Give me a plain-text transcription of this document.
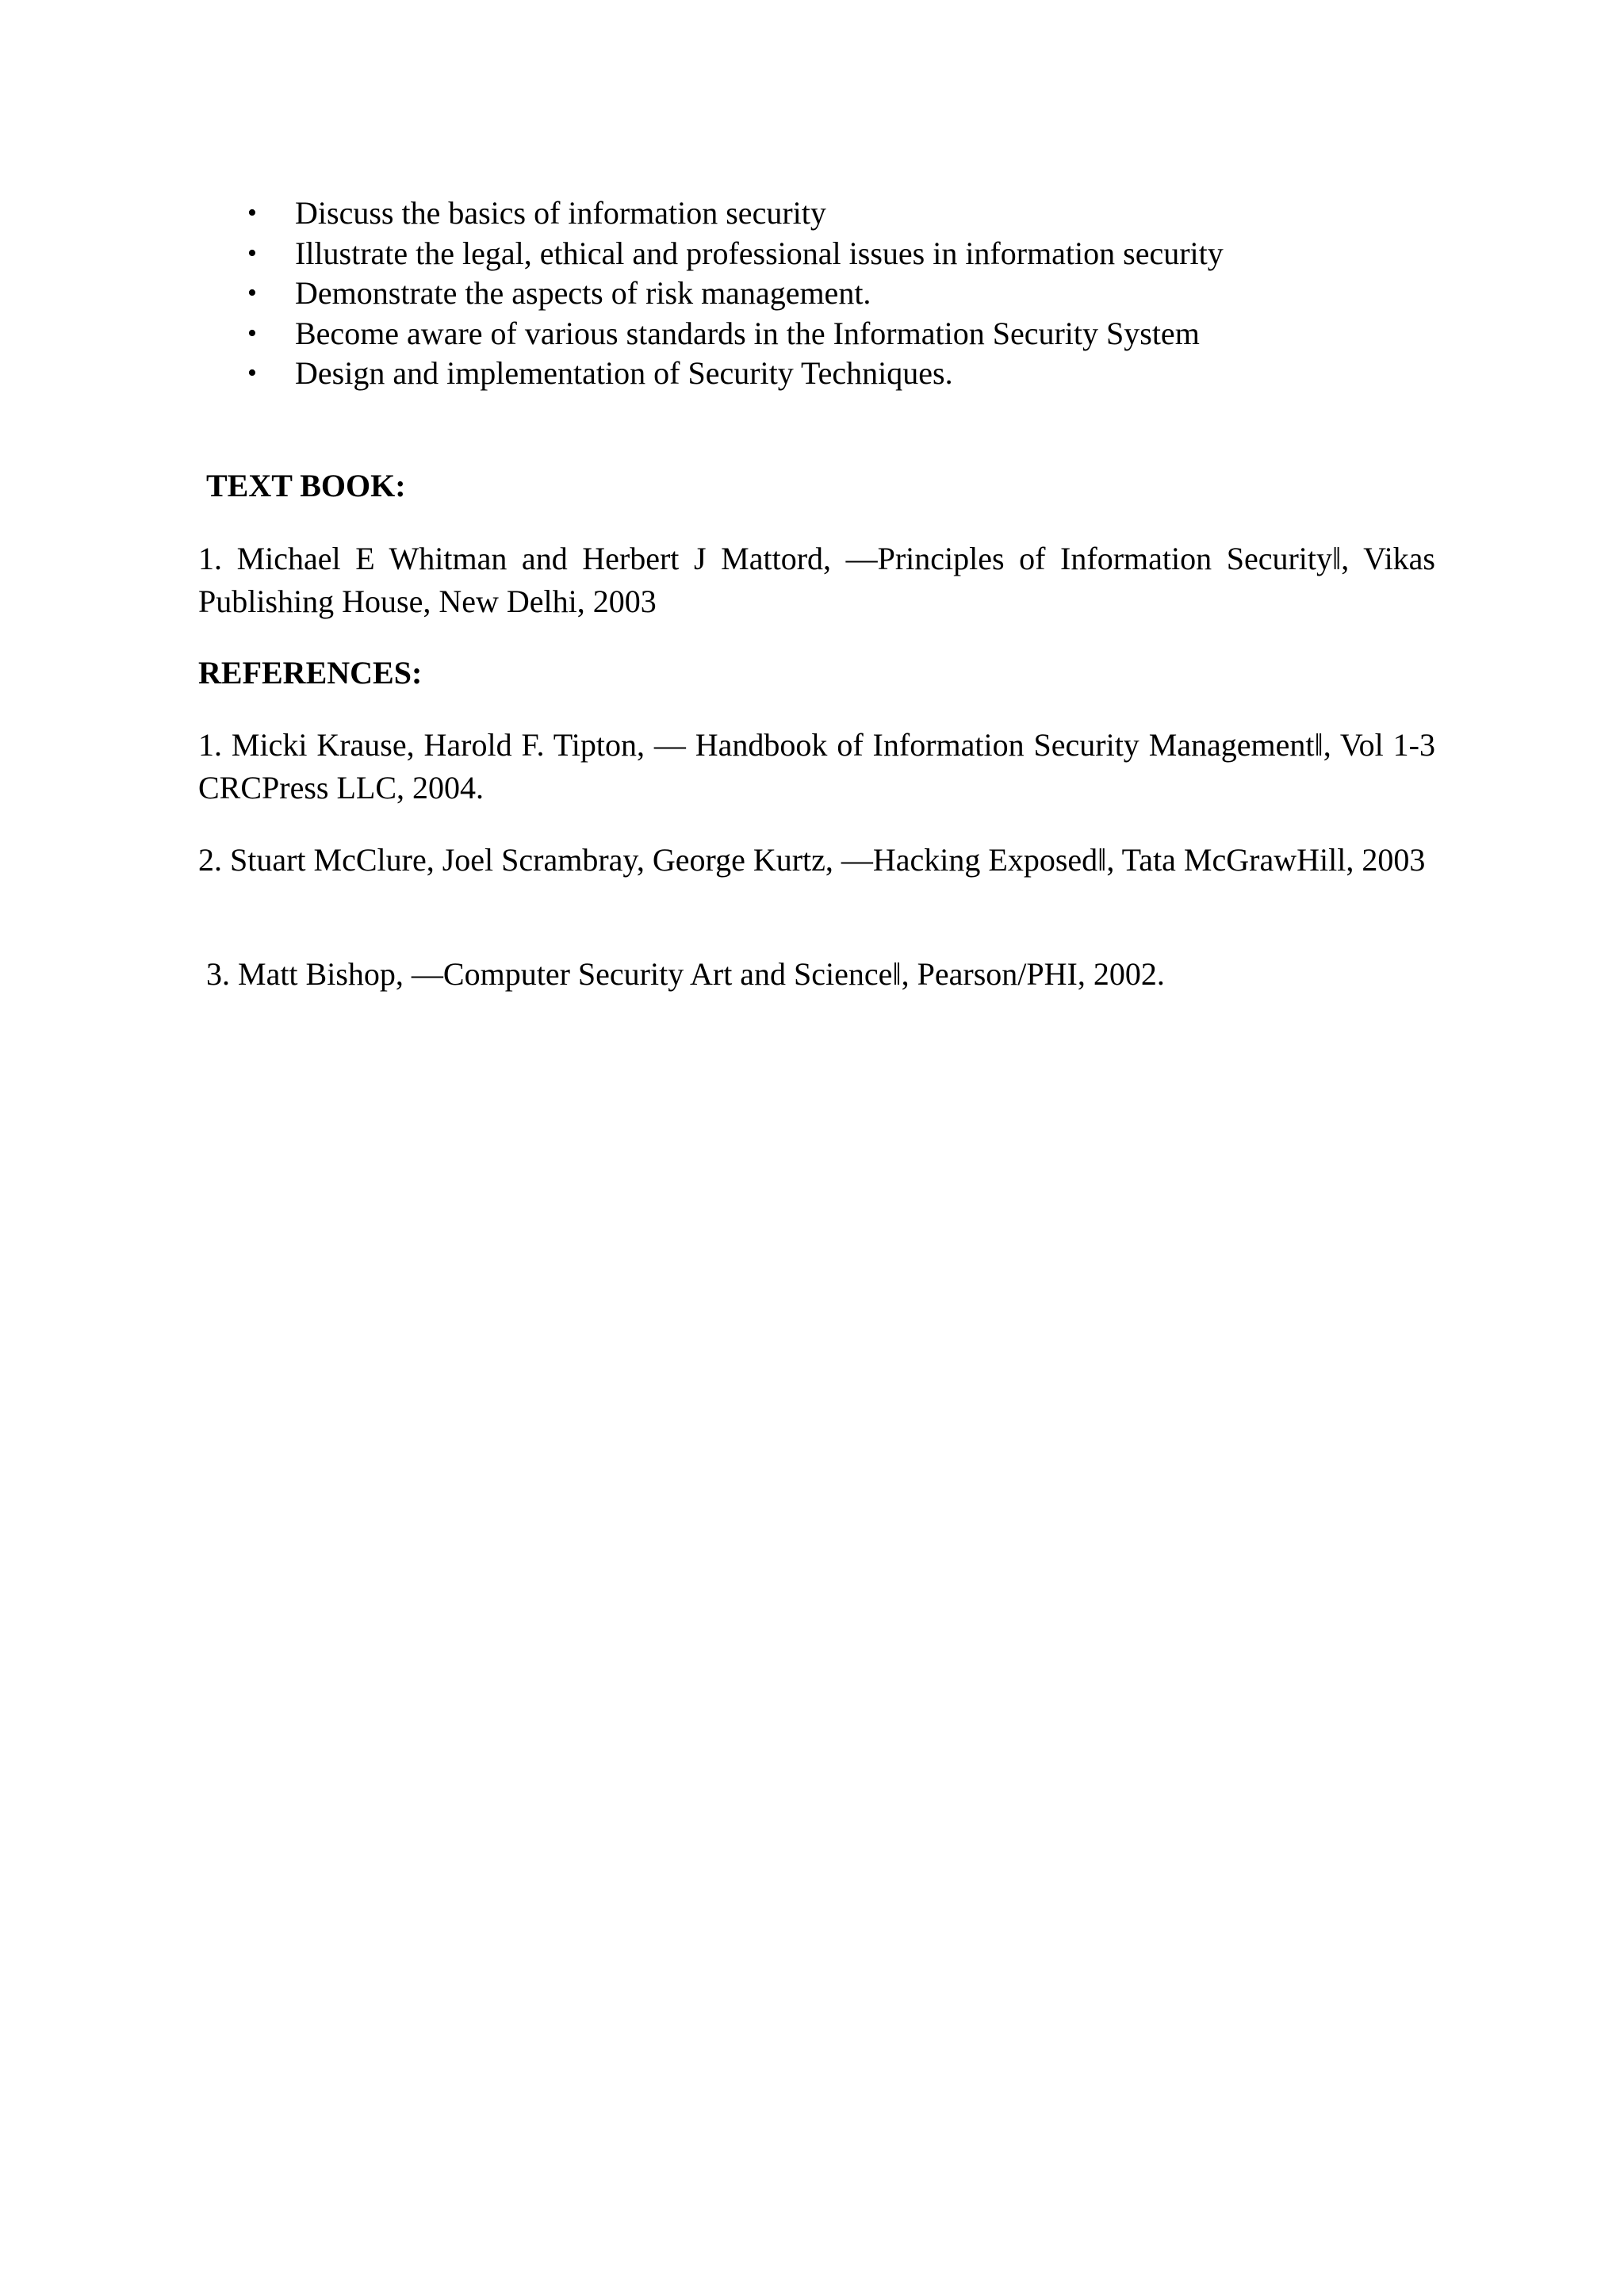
• Discuss the basics of information security
• Illustrate the legal, ethical and professional issues in information security
• Demonstrate the aspects of risk management.
• Become aware of various standards in the Information Security System
• Design and implementation of Security Techniques.
TEXT BOOK:
1. Michael E Whitman and Herbert J Mattord, ―Principles of Information Security‖, Vikas Publishing House, New Delhi, 2003
REFERENCES:
1. Micki Krause, Harold F. Tipton, ― Handbook of Information Security Management‖, Vol 1-3 CRCPress LLC, 2004.
2. Stuart McClure, Joel Scrambray, George Kurtz, ―Hacking Exposed‖, Tata McGrawHill, 2003
3. Matt Bishop, ―Computer Security Art and Science‖, Pearson/PHI, 2002.
